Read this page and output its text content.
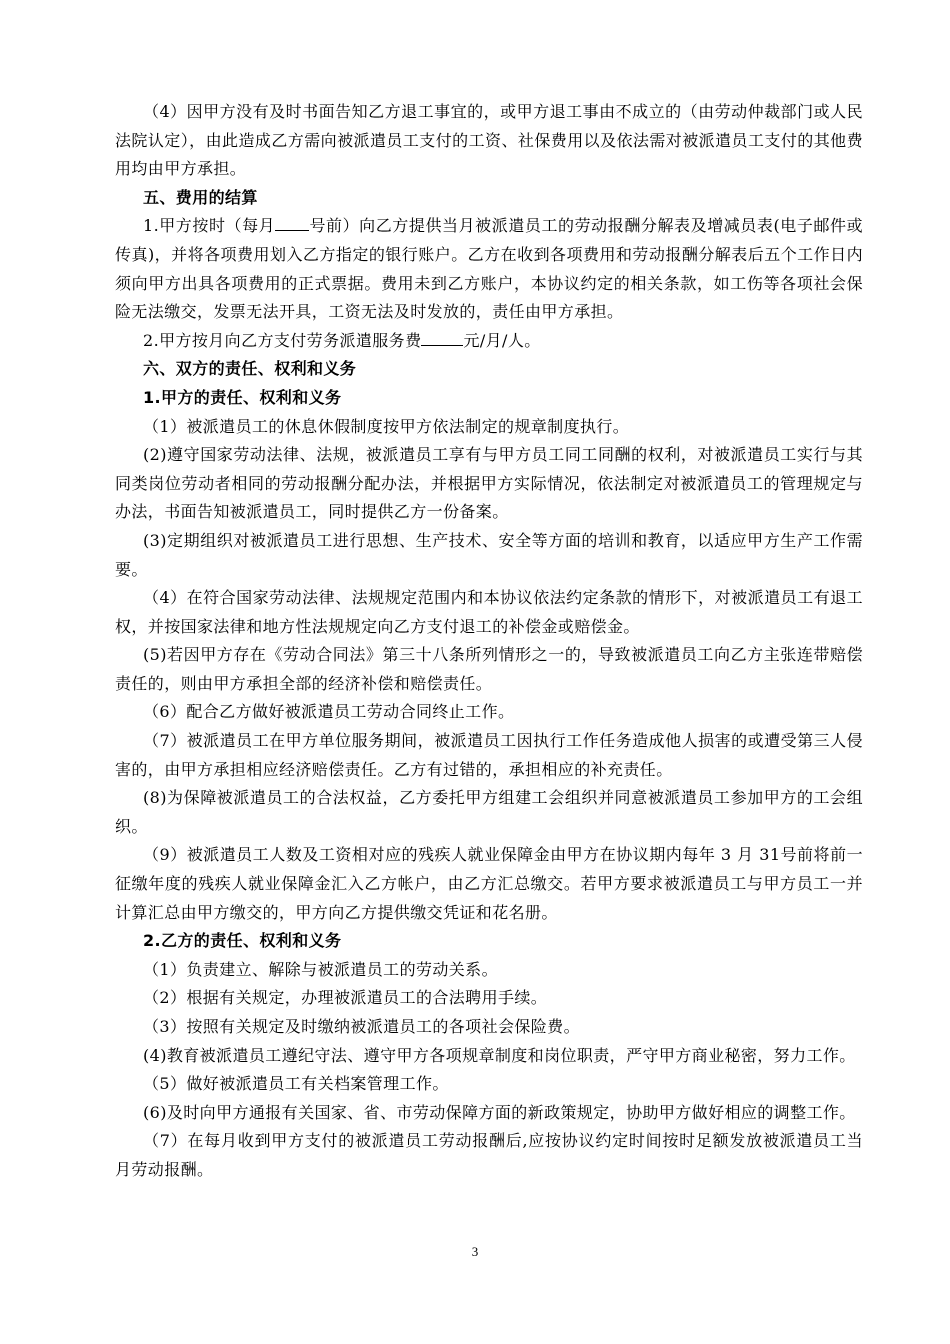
（4）因甲方没有及时书面告知乙方退工事宜的，或甲方退工事由不成立的（由劳动仲裁部门或人民法院认定），由此造成乙方需向被派遣员工支付的工资、社保费用以及依法需对被派遣员工支付的其他费用均由甲方承担。

五、费用的结算

1.甲方按时（每月 号前）向乙方提供当月被派遣员工的劳动报酬分解表及增减员表(电子邮件或传真)，并将各项费用划入乙方指定的银行账户。乙方在收到各项费用和劳动报酬分解表后五个工作日内须向甲方出具各项费用的正式票据。费用未到乙方账户，本协议约定的相关条款，如工伤等各项社会保险无法缴交，发票无法开具，工资无法及时发放的，责任由甲方承担。

2.甲方按月向乙方支付劳务派遣服务费	元/月/人。

六、双方的责任、权利和义务

1.甲方的责任、权利和义务

（1）被派遣员工的休息休假制度按甲方依法制定的规章制度执行。

(2)遵守国家劳动法律、法规，被派遣员工享有与甲方员工同工同酬的权利，对被派遣员工实行与其同类岗位劳动者相同的劳动报酬分配办法，并根据甲方实际情况，依法制定对被派遣员工的管理规定与办法，书面告知被派遣员工，同时提供乙方一份备案。

(3)定期组织对被派遣员工进行思想、生产技术、安全等方面的培训和教育，以适应甲方生产工作需要。

（4）在符合国家劳动法律、法规规定范围内和本协议依法约定条款的情形下，对被派遣员工有退工权，并按国家法律和地方性法规规定向乙方支付退工的补偿金或赔偿金。

(5)若因甲方存在《劳动合同法》第三十八条所列情形之一的，导致被派遣员工向乙方主张连带赔偿责任的，则由甲方承担全部的经济补偿和赔偿责任。

（6）配合乙方做好被派遣员工劳动合同终止工作。

（7）被派遣员工在甲方单位服务期间，被派遣员工因执行工作任务造成他人损害的或遭受第三人侵害的，由甲方承担相应经济赔偿责任。乙方有过错的，承担相应的补充责任。

(8)为保障被派遣员工的合法权益，乙方委托甲方组建工会组织并同意被派遣员工参加甲方的工会组织。

（9）被派遣员工人数及工资相对应的残疾人就业保障金由甲方在协议期内每年 3 月 31号前将前一征缴年度的残疾人就业保障金汇入乙方帐户，由乙方汇总缴交。若甲方要求被派遣员工与甲方员工一并计算汇总由甲方缴交的，甲方向乙方提供缴交凭证和花名册。

2.乙方的责任、权利和义务

（1）负责建立、解除与被派遣员工的劳动关系。

（2）根据有关规定，办理被派遣员工的合法聘用手续。

（3）按照有关规定及时缴纳被派遣员工的各项社会保险费。

(4)教育被派遣员工遵纪守法、遵守甲方各项规章制度和岗位职责，严守甲方商业秘密，努力工作。

（5）做好被派遣员工有关档案管理工作。

(6)及时向甲方通报有关国家、省、市劳动保障方面的新政策规定，协助甲方做好相应的调整工作。

（7）在每月收到甲方支付的被派遣员工劳动报酬后,应按协议约定时间按时足额发放被派遣员工当月劳动报酬。

3
